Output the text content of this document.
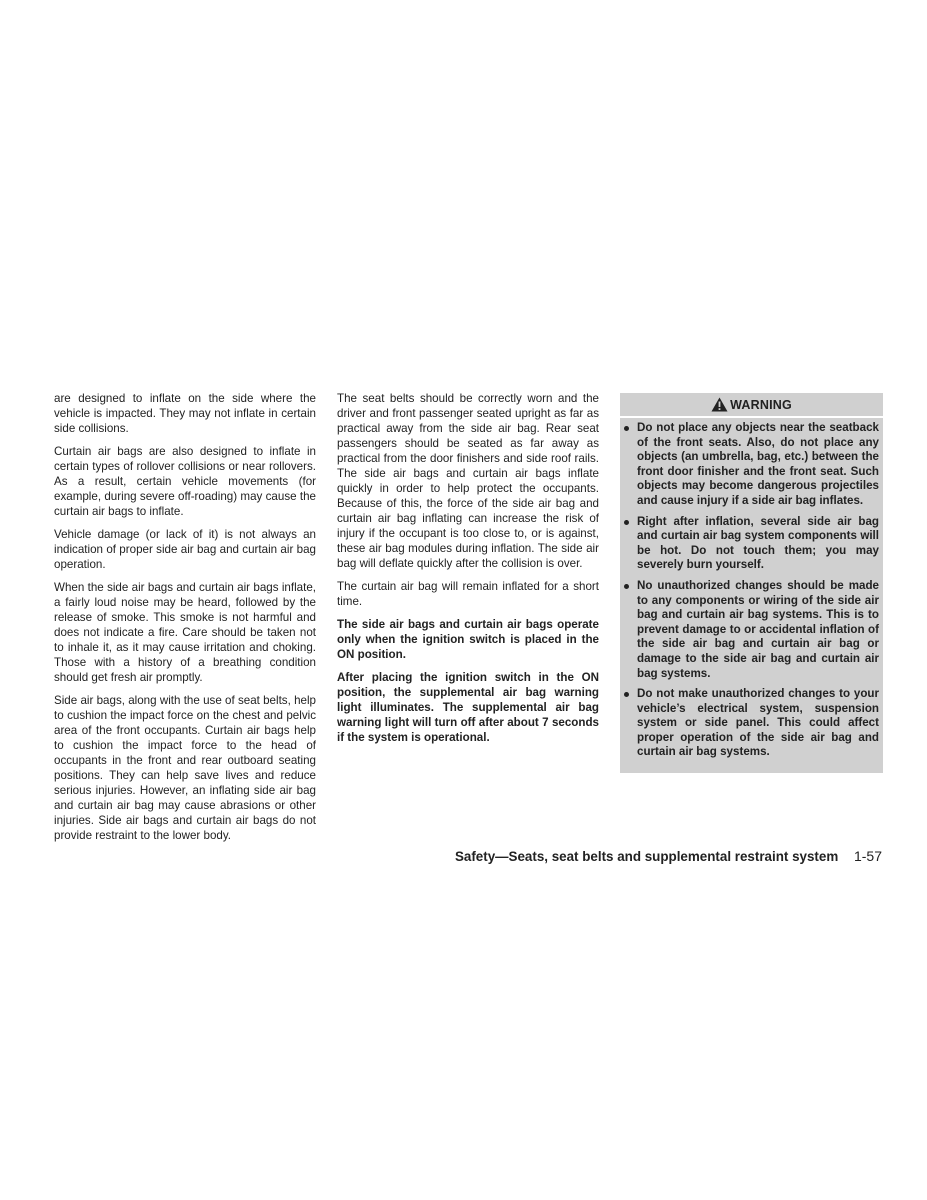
are designed to inflate on the side where the vehicle is impacted. They may not inflate in certain side collisions.

Curtain air bags are also designed to inflate in certain types of rollover collisions or near rollovers. As a result, certain vehicle movements (for example, during severe off-roading) may cause the curtain air bags to inflate.

Vehicle damage (or lack of it) is not always an indication of proper side air bag and curtain air bag operation.

When the side air bags and curtain air bags inflate, a fairly loud noise may be heard, followed by the release of smoke. This smoke is not harmful and does not indicate a fire. Care should be taken not to inhale it, as it may cause irritation and choking. Those with a history of a breathing condition should get fresh air promptly.

Side air bags, along with the use of seat belts, help to cushion the impact force on the chest and pelvic area of the front occupants. Curtain air bags help to cushion the impact force to the head of occupants in the front and rear outboard seating positions. They can help save lives and reduce serious injuries. However, an inflating side air bag and curtain air bag may cause abrasions or other injuries. Side air bags and curtain air bags do not provide restraint to the lower body.

The seat belts should be correctly worn and the driver and front passenger seated upright as far as practical away from the side air bag. Rear seat passengers should be seated as far away as practical from the door finishers and side roof rails. The side air bags and curtain air bags inflate quickly in order to help protect the occupants. Because of this, the force of the side air bag and curtain air bag inflating can increase the risk of injury if the occupant is too close to, or is against, these air bag modules during inflation. The side air bag will deflate quickly after the collision is over.

The curtain air bag will remain inflated for a short time.

The side air bags and curtain air bags operate only when the ignition switch is placed in the ON position.

After placing the ignition switch in the ON position, the supplemental air bag warning light illuminates. The supplemental air bag warning light will turn off after about 7 seconds if the system is operational.

WARNING
Do not place any objects near the seatback of the front seats. Also, do not place any objects (an umbrella, bag, etc.) between the front door finisher and the front seat. Such objects may become dangerous projectiles and cause injury if a side air bag inflates.
Right after inflation, several side air bag and curtain air bag system components will be hot. Do not touch them; you may severely burn yourself.
No unauthorized changes should be made to any components or wiring of the side air bag and curtain air bag systems. This is to prevent damage to or accidental inflation of the side air bag and curtain air bag or damage to the side air bag and curtain air bag systems.
Do not make unauthorized changes to your vehicle’s electrical system, suspension system or side panel. This could affect proper operation of the side air bag and curtain air bag systems.
Safety—Seats, seat belts and supplemental restraint system 1-57
